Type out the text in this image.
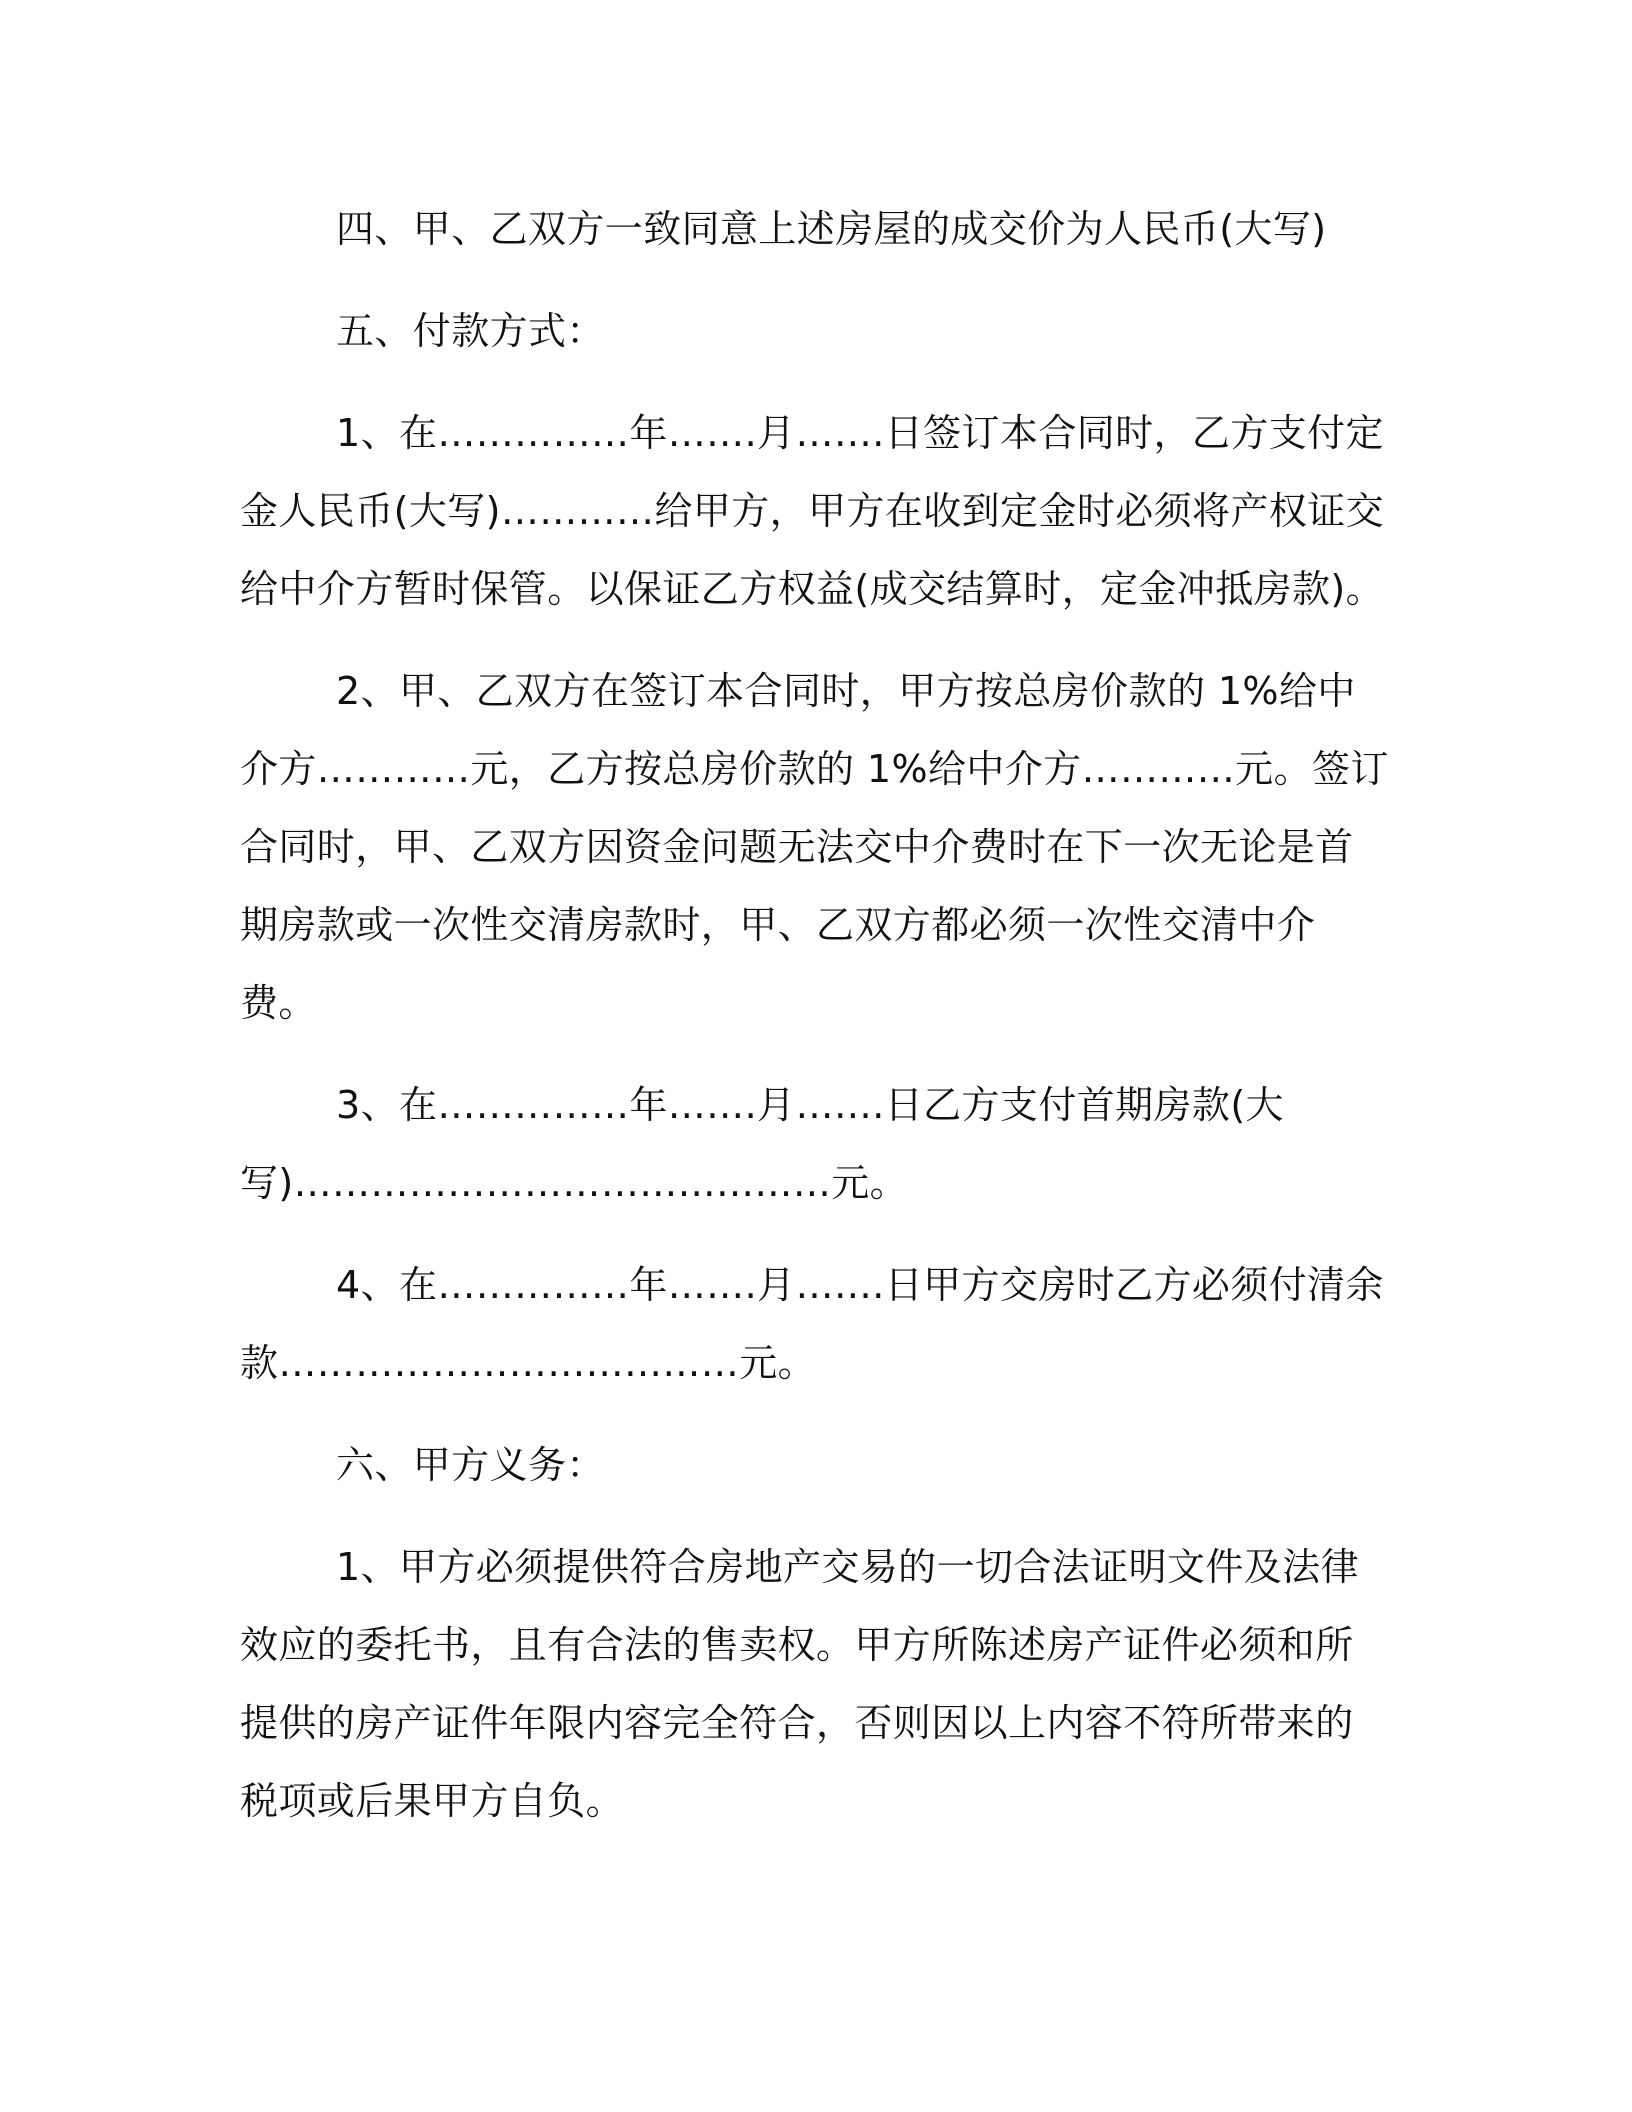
四、甲、乙双方一致同意上述房屋的成交价为人民币(大写)

五、付款方式：

1、在……………年…….月…….日签订本合同时，乙方支付定金人民币(大写)…………给甲方，甲方在收到定金时必须将产权证交给中介方暂时保管。以保证乙方权益(成交结算时，定金冲抵房款)。

2、甲、乙双方在签订本合同时，甲方按总房价款的 1%给中介方…………元，乙方按总房价款的 1%给中介方…………元。签订合同时，甲、乙双方因资金问题无法交中介费时在下一次无论是首期房款或一次性交清房款时，甲、乙双方都必须一次性交清中介费。

3、在……………年…….月…….日乙方支付首期房款(大写)……………………………………元。

4、在……………年…….月…….日甲方交房时乙方必须付清余款………………………………元。

六、甲方义务：

1、甲方必须提供符合房地产交易的一切合法证明文件及法律效应的委托书，且有合法的售卖权。甲方所陈述房产证件必须和所提供的房产证件年限内容完全符合，否则因以上内容不符所带来的税项或后果甲方自负。
